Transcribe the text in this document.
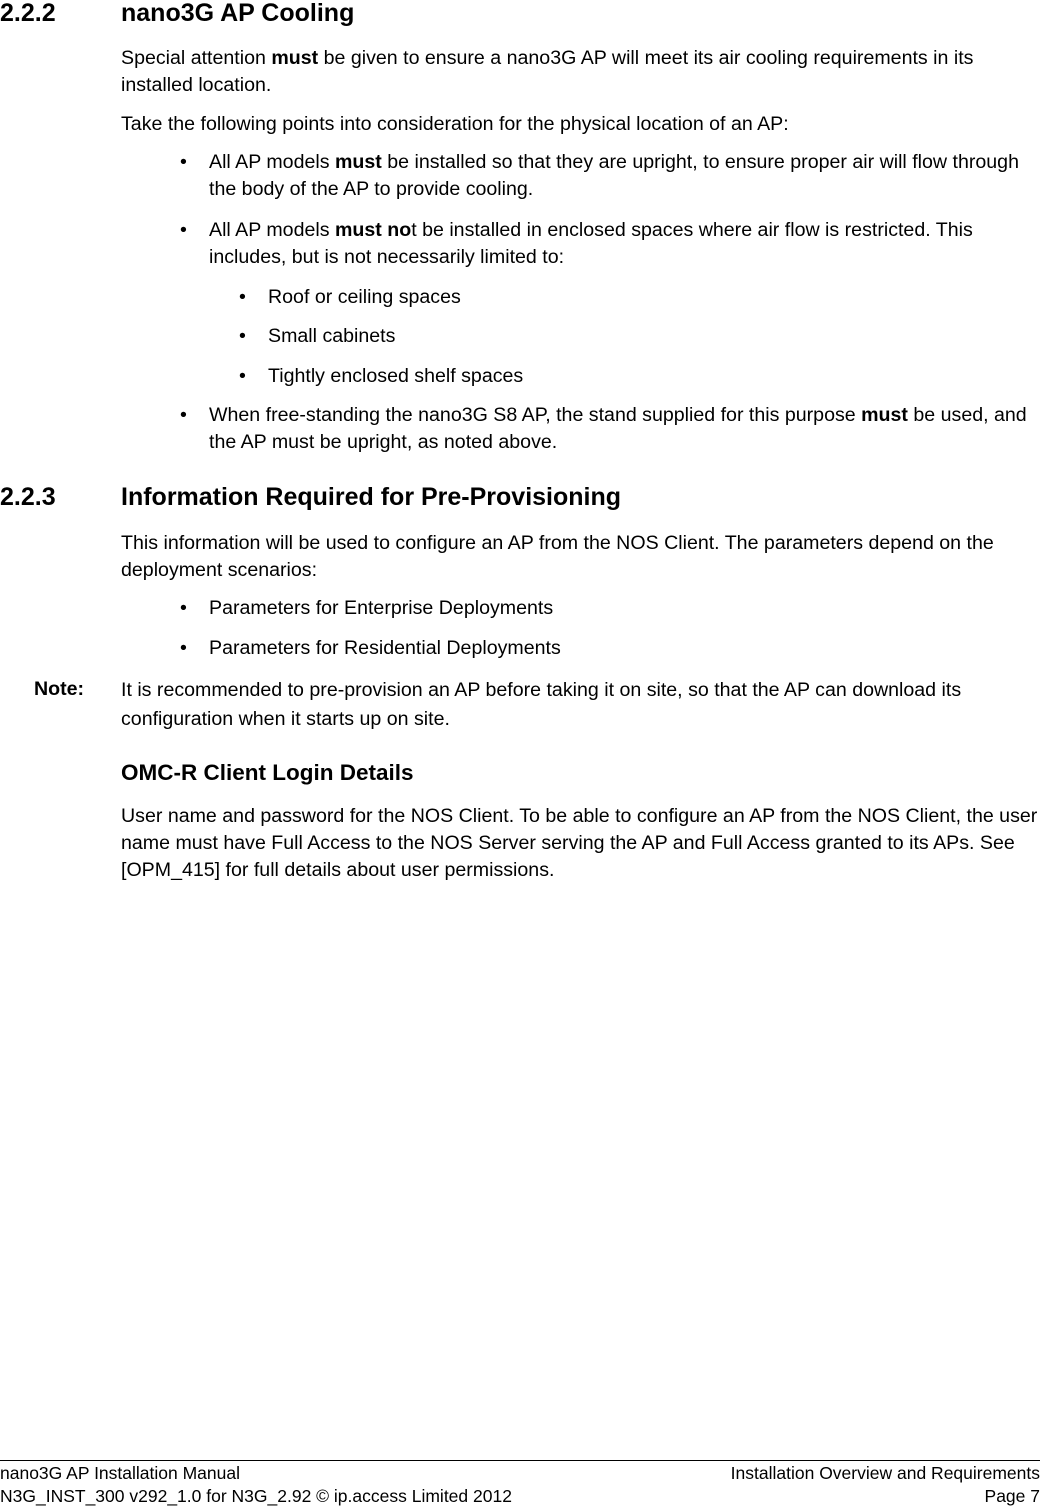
2.2.2	nano3G AP Cooling
Special attention must be given to ensure a nano3G AP will meet its air cooling requirements in its installed location.
Take the following points into consideration for the physical location of an AP:
• All AP models must be installed so that they are upright, to ensure proper air will flow through the body of the AP to provide cooling.
• All AP models must not be installed in enclosed spaces where air flow is restricted. This includes, but is not necessarily limited to:
• Roof or ceiling spaces
• Small cabinets
• Tightly enclosed shelf spaces
• When free-standing the nano3G S8 AP, the stand supplied for this purpose must be used, and the AP must be upright, as noted above.
2.2.3	Information Required for Pre-Provisioning
This information will be used to configure an AP from the NOS Client. The parameters depend on the deployment scenarios:
• Parameters for Enterprise Deployments
• Parameters for Residential Deployments
Note: It is recommended to pre-provision an AP before taking it on site, so that the AP can download its configuration when it starts up on site.
OMC-R Client Login Details
User name and password for the NOS Client. To be able to configure an AP from the NOS Client, the user name must have Full Access to the NOS Server serving the AP and Full Access granted to its APs. See [OPM_415] for full details about user permissions.
nano3G AP Installation Manual
N3G_INST_300 v292_1.0 for N3G_2.92 © ip.access Limited 2012
Installation Overview and Requirements
Page 7
